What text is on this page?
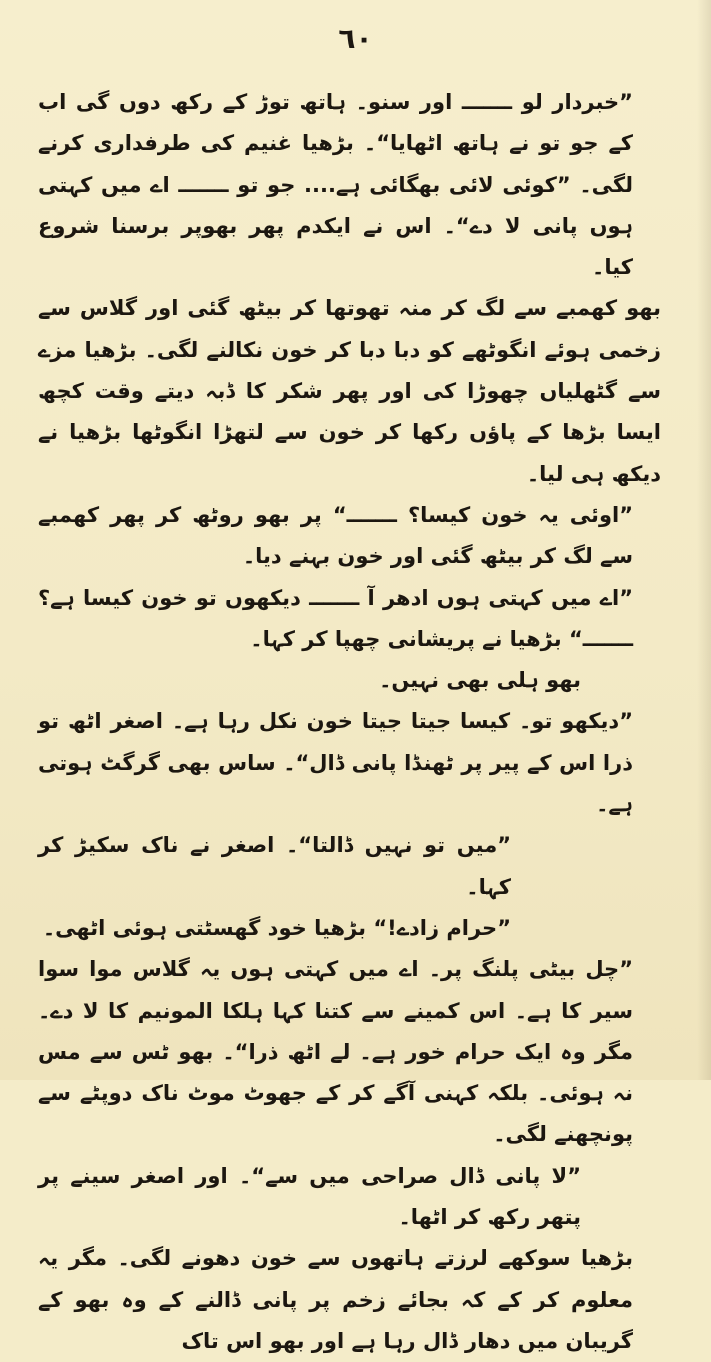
٦٠

”خبردار لو ـــــــ اور سنو۔ ہاتھ توڑ کے رکھ دوں گی اب کے جو تو نے ہاتھ اٹھایا“۔ بڑھیا غنیم کی طرفداری کرنے لگی۔ ”کوئی لائی بھگائی ہے.... جو تو ـــــــ اے میں کہتی ہوں پانی لا دے“۔ اس نے ایکدم پھر بھوپر برسنا شروع کیا۔

بھو کھمبے سے لگ کر منہ تھوتھا کر بیٹھ گئی اور گلاس سے زخمی ہوئے انگوٹھے کو دبا دبا کر خون نکالنے لگی۔ بڑھیا مزے سے گٹھلیاں چھوڑا کی اور پھر شکر کا ڈبہ دیتے وقت کچھ ایسا بڑھا کے پاؤں رکھا کر خون سے لتھڑا انگوٹھا بڑھیا نے دیکھ ہی لیا۔

”اوئی یہ خون کیسا؟ ـــــــ“ پر بھو روٹھ کر پھر کھمبے سے لگ کر بیٹھ گئی اور خون بہنے دیا۔

”اے میں کہتی ہوں ادھر آ ـــــــ دیکھوں تو خون کیسا ہے؟ ـــــــ“ بڑھیا نے پریشانی چھپا کر کہا۔

بھو ہلی بھی نہیں۔

”دیکھو تو۔ کیسا جیتا جیتا خون نکل رہا ہے۔ اصغر اٹھ تو ذرا اس کے پیر پر ٹھنڈا پانی ڈال“۔ ساس بھی گرگٹ ہوتی ہے۔

”میں تو نہیں ڈالتا“۔ اصغر نے ناک سکیڑ کر کہا۔

”حرام زادے!“ بڑھیا خود گھسٹتی ہوئی اٹھی۔

”چل بیٹی پلنگ پر۔ اے میں کہتی ہوں یہ گلاس موا سوا سیر کا ہے۔ اس کمینے سے کتنا کہا ہلکا المونیم کا لا دے۔ مگر وہ ایک حرام خور ہے۔ لے اٹھ ذرا“۔ بھو ٹس سے مس نہ ہوئی۔ بلکہ کہنی آگے کر کے جھوٹ موٹ ناک دوپٹے سے پونچھنے لگی۔

”لا پانی ڈال صراحی میں سے“۔ اور اصغر سینے پر پتھر رکھ کر اٹھا۔

بڑھیا سوکھے لرزتے ہاتھوں سے خون دھونے لگی۔ مگر یہ معلوم کر کے کہ بجائے زخم پر پانی ڈالنے کے وہ بھو کے گریبان میں دھار ڈال رہا ہے اور بھو اس تاک
